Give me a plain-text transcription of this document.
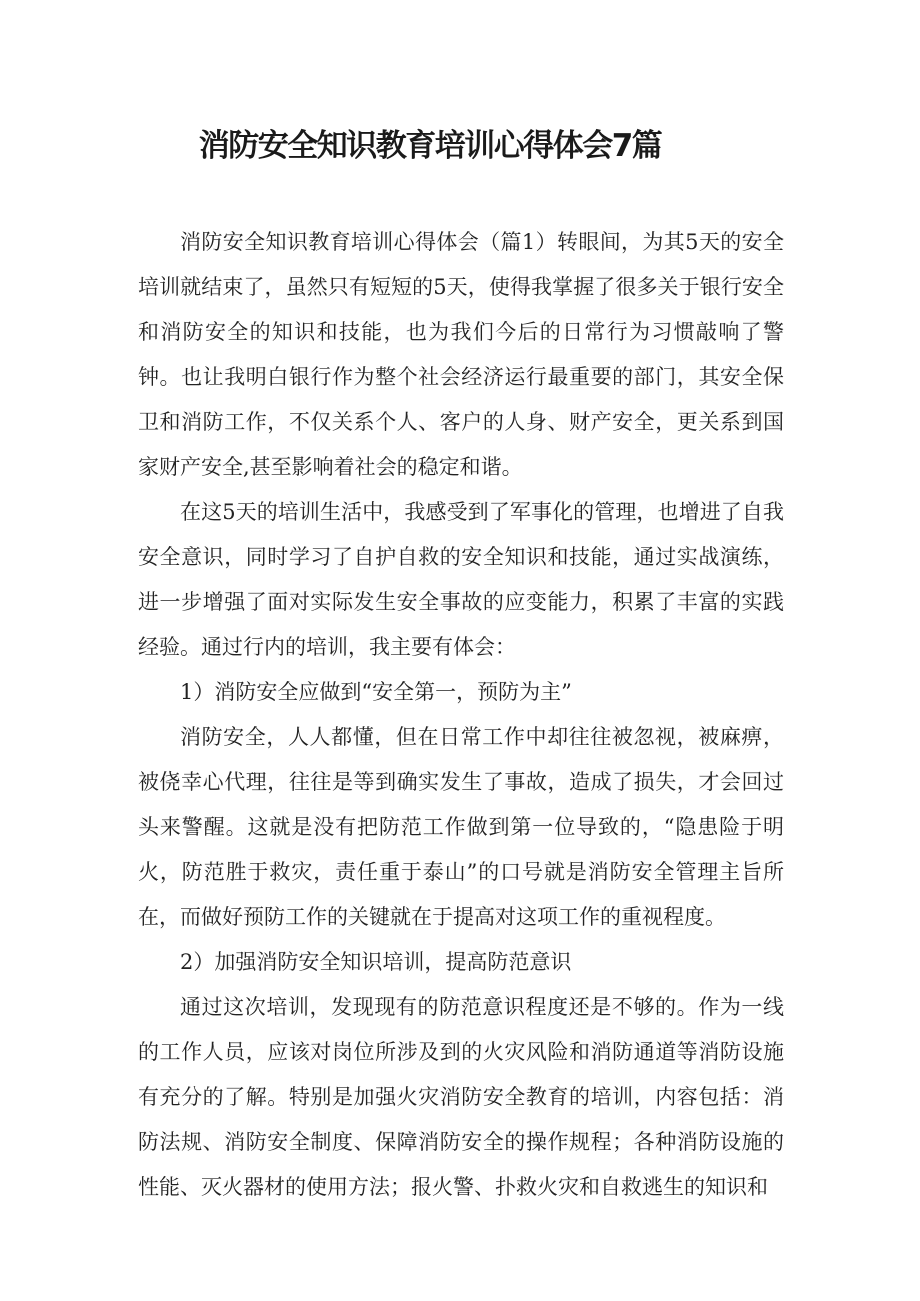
消防安全知识教育培训心得体会7篇

消防安全知识教育培训心得体会（篇1）转眼间，为其5天的安全培训就结束了，虽然只有短短的5天，使得我掌握了很多关于银行安全和消防安全的知识和技能，也为我们今后的日常行为习惯敲响了警钟。也让我明白银行作为整个社会经济运行最重要的部门，其安全保卫和消防工作，不仅关系个人、客户的人身、财产安全，更关系到国家财产安全,甚至影响着社会的稳定和谐。

在这5天的培训生活中，我感受到了军事化的管理，也增进了自我安全意识，同时学习了自护自救的安全知识和技能，通过实战演练，进一步增强了面对实际发生安全事故的应变能力，积累了丰富的实践经验。通过行内的培训，我主要有体会：

1）消防安全应做到“安全第一，预防为主”

消防安全，人人都懂，但在日常工作中却往往被忽视，被麻痹，被侥幸心代理，往往是等到确实发生了事故，造成了损失，才会回过头来警醒。这就是没有把防范工作做到第一位导致的，“隐患险于明火，防范胜于救灾，责任重于泰山”的口号就是消防安全管理主旨所在，而做好预防工作的关键就在于提高对这项工作的重视程度。

2）加强消防安全知识培训，提高防范意识

通过这次培训，发现现有的防范意识程度还是不够的。作为一线的工作人员，应该对岗位所涉及到的火灾风险和消防通道等消防设施有充分的了解。特别是加强火灾消防安全教育的培训，内容包括：消防法规、消防安全制度、保障消防安全的操作规程；各种消防设施的性能、灭火器材的使用方法；报火警、扑救火灾和自救逃生的知识和
